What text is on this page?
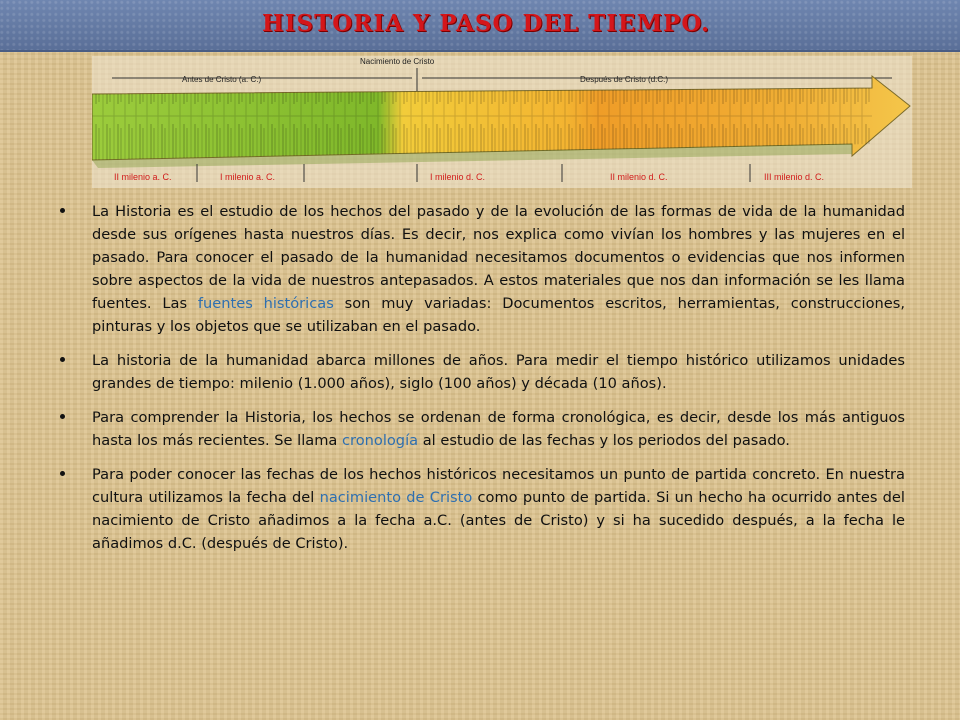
HISTORIA Y PASO DEL TIEMPO.
Nacimiento de Cristo
Antes de Cristo (a. C.)	Después de Cristo (d.C.)
II milenio a. C.	I milenio a. C.	I milenio d. C.	II milenio d. C.	III milenio d. C.
La Historia es el estudio de los hechos del pasado y de la evolución de las formas de vida de la humanidad desde sus orígenes hasta nuestros días. Es decir, nos explica como vivían los hombres y las mujeres en el pasado. Para conocer el pasado de la humanidad necesitamos documentos o evidencias que nos informen sobre aspectos de la vida de nuestros antepasados. A estos materiales que nos dan información se les llama fuentes. Las fuentes históricas son muy variadas: Documentos escritos, herramientas, construcciones, pinturas y los objetos que se utilizaban en el pasado.
La historia de la humanidad abarca millones de años. Para medir el tiempo histórico utilizamos unidades grandes de tiempo: milenio (1.000 años), siglo (100 años) y década (10 años).
Para comprender la Historia, los hechos se ordenan de forma cronológica, es decir, desde los más antiguos hasta los más recientes. Se llama cronología al estudio de las fechas y los periodos del pasado.
Para poder conocer las fechas de los hechos históricos necesitamos un punto de partida concreto. En nuestra cultura utilizamos la fecha del nacimiento de Cristo como punto de partida. Si un hecho ha ocurrido antes del nacimiento de Cristo añadimos a la fecha a.C. (antes de Cristo) y si ha sucedido después, a la fecha le añadimos d.C. (después de Cristo).
